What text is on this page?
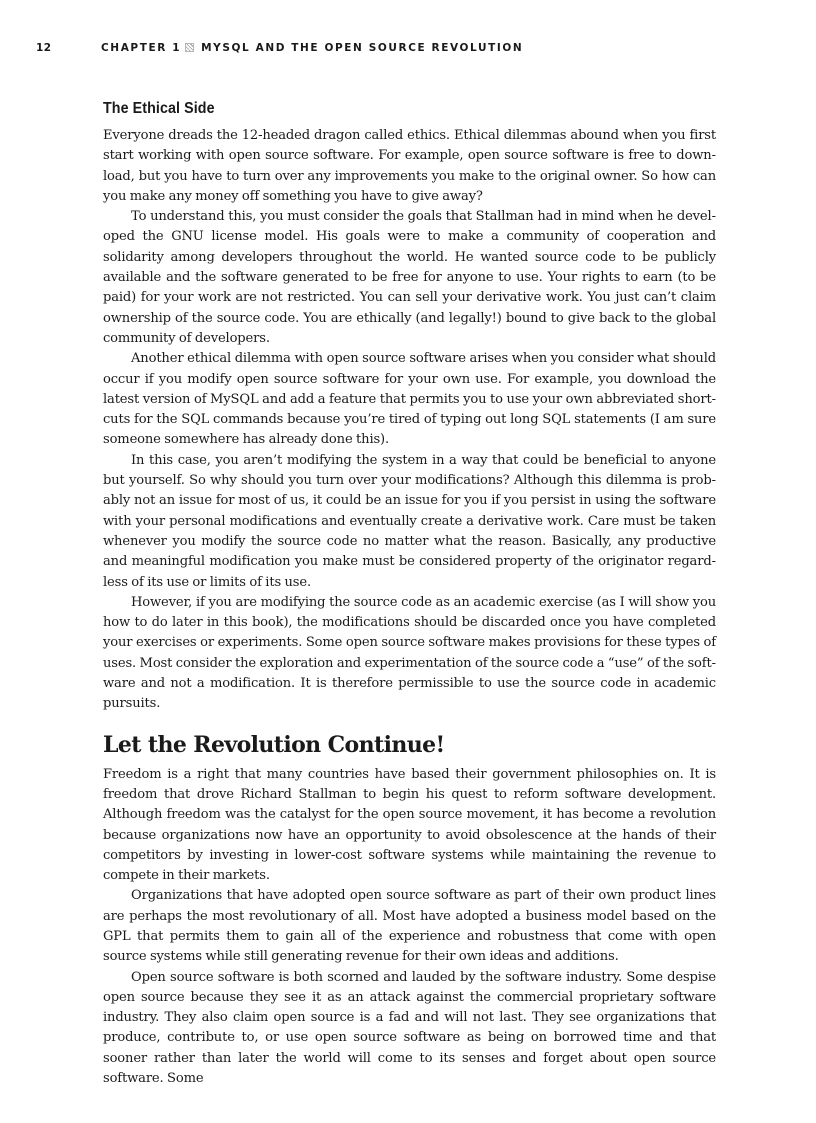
12	CHAPTER 1 MYSQL AND THE OPEN SOURCE REVOLUTION
The Ethical Side

Everyone dreads the 12-headed dragon called ethics. Ethical dilemmas abound when you first start working with open source software. For example, open source software is free to download, but you have to turn over any improvements you make to the original owner. So how can you make any money off something you have to give away?

To understand this, you must consider the goals that Stallman had in mind when he developed the GNU license model. His goals were to make a community of cooperation and solidarity among developers throughout the world. He wanted source code to be publicly available and the software generated to be free for anyone to use. Your rights to earn (to be paid) for your work are not restricted. You can sell your derivative work. You just can’t claim ownership of the source code. You are ethically (and legally!) bound to give back to the global community of developers.

Another ethical dilemma with open source software arises when you consider what should occur if you modify open source software for your own use. For example, you download the latest version of MySQL and add a feature that permits you to use your own abbreviated shortcuts for the SQL commands because you’re tired of typing out long SQL statements (I am sure someone somewhere has already done this).

In this case, you aren’t modifying the system in a way that could be beneficial to anyone but yourself. So why should you turn over your modifications? Although this dilemma is probably not an issue for most of us, it could be an issue for you if you persist in using the software with your personal modifications and eventually create a derivative work. Care must be taken whenever you modify the source code no matter what the reason. Basically, any productive and meaningful modification you make must be considered property of the originator regardless of its use or limits of its use.

However, if you are modifying the source code as an academic exercise (as I will show you how to do later in this book), the modifications should be discarded once you have completed your exercises or experiments. Some open source software makes provisions for these types of uses. Most consider the exploration and experimentation of the source code a “use” of the software and not a modification. It is therefore permissible to use the source code in academic pursuits.

Let the Revolution Continue!

Freedom is a right that many countries have based their government philosophies on. It is freedom that drove Richard Stallman to begin his quest to reform software development. Although freedom was the catalyst for the open source movement, it has become a revolution because organizations now have an opportunity to avoid obsolescence at the hands of their competitors by investing in lower-cost software systems while maintaining the revenue to compete in their markets.

Organizations that have adopted open source software as part of their own product lines are perhaps the most revolutionary of all. Most have adopted a business model based on the GPL that permits them to gain all of the experience and robustness that come with open source systems while still generating revenue for their own ideas and additions.

Open source software is both scorned and lauded by the software industry. Some despise open source because they see it as an attack against the commercial proprietary software industry. They also claim open source is a fad and will not last. They see organizations that produce, contribute to, or use open source software as being on borrowed time and that sooner rather than later the world will come to its senses and forget about open source software. Some
